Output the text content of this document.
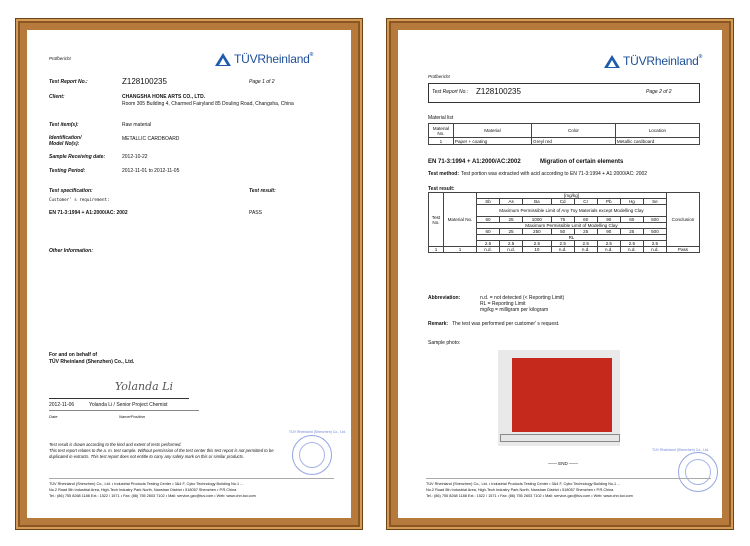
Prüfbericht	TÜVRheinland®
Test Report No.:	Z128100235	Page 1 of 2
Client:	CHANGSHA HONE ARTS CO., LTD.
Room 305 Building 4, Charmed Fairyland 85 Douling Road, Changsha, China
Test item(s):	Raw material
Identification/
Model No(s):
METALLIC CARDBOARD
Sample Receiving date:	2012-10-22
Testing Period:	2012-11-01 to 2012-11-05
Test specification:	Test result:
Customer' s requirement:
EN 71-3:1994 + A1:2000/AC: 2002	PASS
Other Information:
For and on behalf of
TÜV Rheinland (Shenzhen) Co., Ltd.
Yolanda Li
2012-11-06	Yolanda Li / Senior Project Chemist
Date	Name/Position
Test result is drawn according to the kind and extent of tests performed.
This test report relates to the a. m. test sample. Without permission of the test center this test report is not permitted to be
duplicated in extracts. This test report does not entitle to carry any safety mark on this or similar products.
TÜV Rheinland (Shenzhen) Co., Ltd.
TÜV Rheinland (Shenzhen) Co., Ltd. • Industrial Products Testing Center • 3&4 F, Cybo Technology Building No.1 ...
No.2 Road 5th Industrial Area, High-Tech Industry Park North, Nanshan District • 518057 Shenzhen • P.R.China
Tel.: (86) 755 8268 1188 Ext.: 1522 / 1571 • Fax: (86) 755 2603 7102 • Mail: service-gzc@tuv.com • Web: www.chn.tuv.com
Prüfbericht
TÜVRheinland®
Test Report No.: Z128100235	Page 2 of 2
Material list
Material No.	Material	Color	Location
1	Paper + coating	Greyl red	Metallic cardboard
EN 71-3:1994 + A1:2000/AC:2002	Migration of certain elements
Test method: Test portion was extracted with acid according to EN 71-3:1994 + A1:2000/AC: 2002
Test result:
Test No.	Material No.	[mg/kg]								Conclusion
		Sb	As	Ba	Cd	Cr	Pb	Hg	Se	
		Maximum Permissible Limit of Any Toy Materials except Modelling Clay								
		60	25	1000	75	60	90	60	500	
		Maximum Permissible Limit of Modelling Clay								
		60	25	250	50	25	90	25	500	
		RL								
		2.5	2.5	2.5	2.5	2.5	2.5	2.5	2.5	
1	1	n.d.	n.d.	10	n.d.	n.d.	n.d.	n.d.	n.d.	Pass
Abbreviation:	n.d. = not detected (< Reporting Limit)
RL = Reporting Limit
mg/kg = milligram per kilogram
Remark: The test was performed per customer' s request.
Sample photo:
—— END ——
TÜV Rheinland (Shenzhen) Co., Ltd.
TÜV Rheinland (Shenzhen) Co., Ltd. • Industrial Products Testing Center • 3&4 F, Cybo Technology Building No.1 ...
No.2 Road 5th Industrial Area, High-Tech Industry Park North, Nanshan District • 518057 Shenzhen • P.R.China
Tel.: (86) 755 8268 1188 Ext.: 1522 / 1571 • Fax: (86) 755 2603 7102 • Mail: service-gzc@tuv.com • Web: www.chn.tuv.com
